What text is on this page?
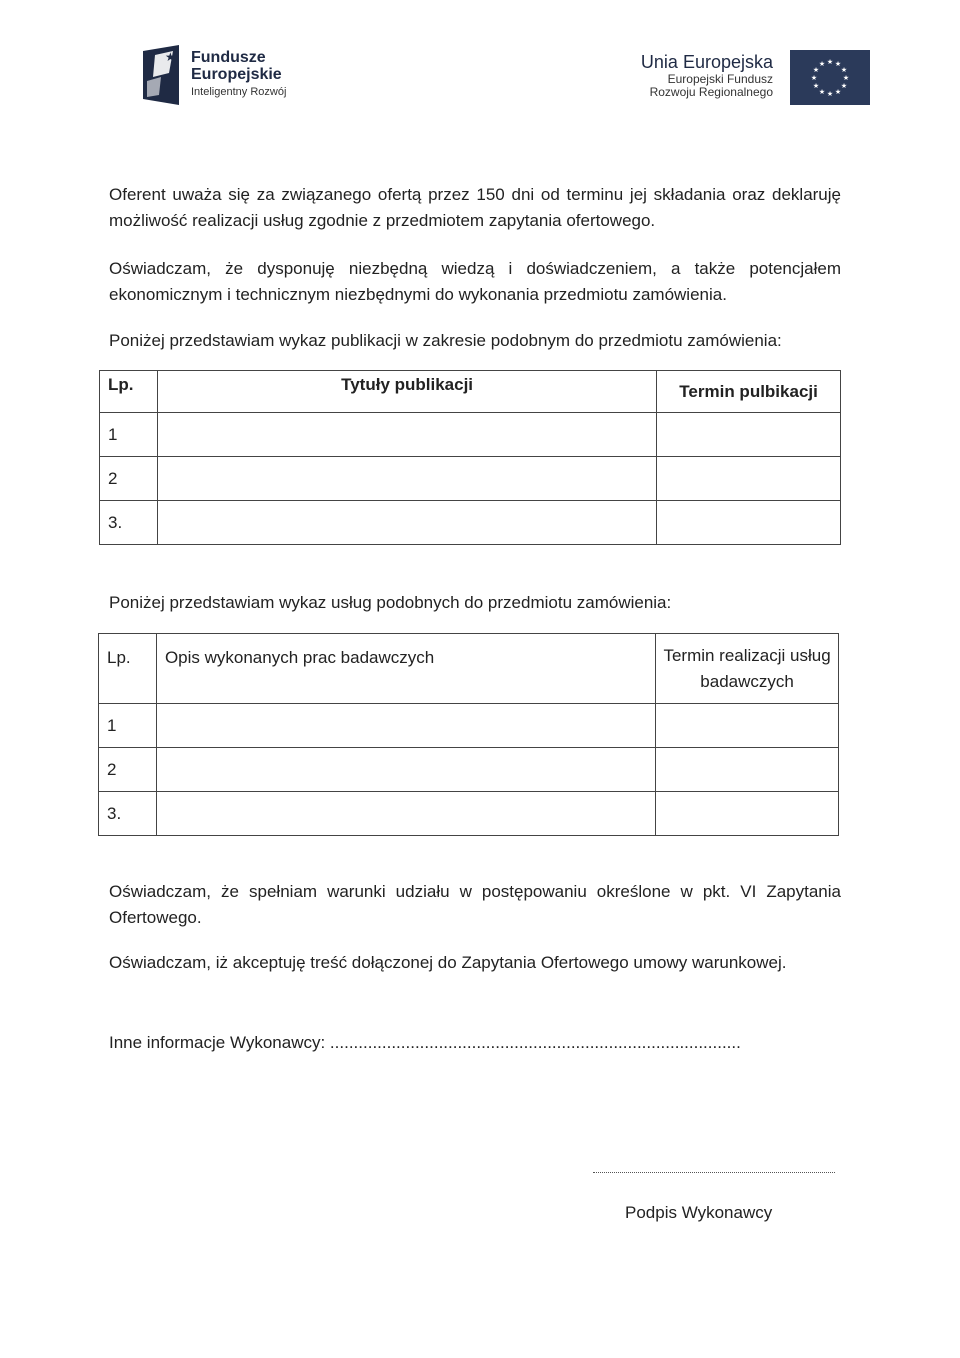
★ Fundusze
Europejskie
Inteligentny Rozwój
Unia Europejska
Europejski Fundusz
Rozwoju Regionalnego
★ ★
★
★
★
★
★
★
★
★
★
★
Oferent uważa się za związanego ofertą przez 150 dni od terminu jej składania oraz deklaruję możliwość realizacji usług zgodnie z przedmiotem zapytania ofertowego.
Oświadczam, że dysponuję niezbędną wiedzą i doświadczeniem, a także potencjałem ekonomicznym i technicznym niezbędnymi do wykonania przedmiotu zamówienia.
Poniżej przedstawiam wykaz publikacji w zakresie podobnym do przedmiotu zamówienia:
Lp.	Tytuły publikacji	Termin pulbikacji
1		
2		
3.		
Poniżej przedstawiam wykaz usług podobnych do przedmiotu zamówienia:
Lp.	Opis wykonanych prac badawczych	Termin realizacji usług badawczych
1		
2		
3.		
Oświadczam, że spełniam warunki udziału w postępowaniu określone w pkt. VI Zapytania Ofertowego.
Oświadczam, iż akceptuję treść dołączonej do Zapytania Ofertowego umowy warunkowej.
Inne informacje Wykonawcy: .......................................................................................
Podpis Wykonawcy
